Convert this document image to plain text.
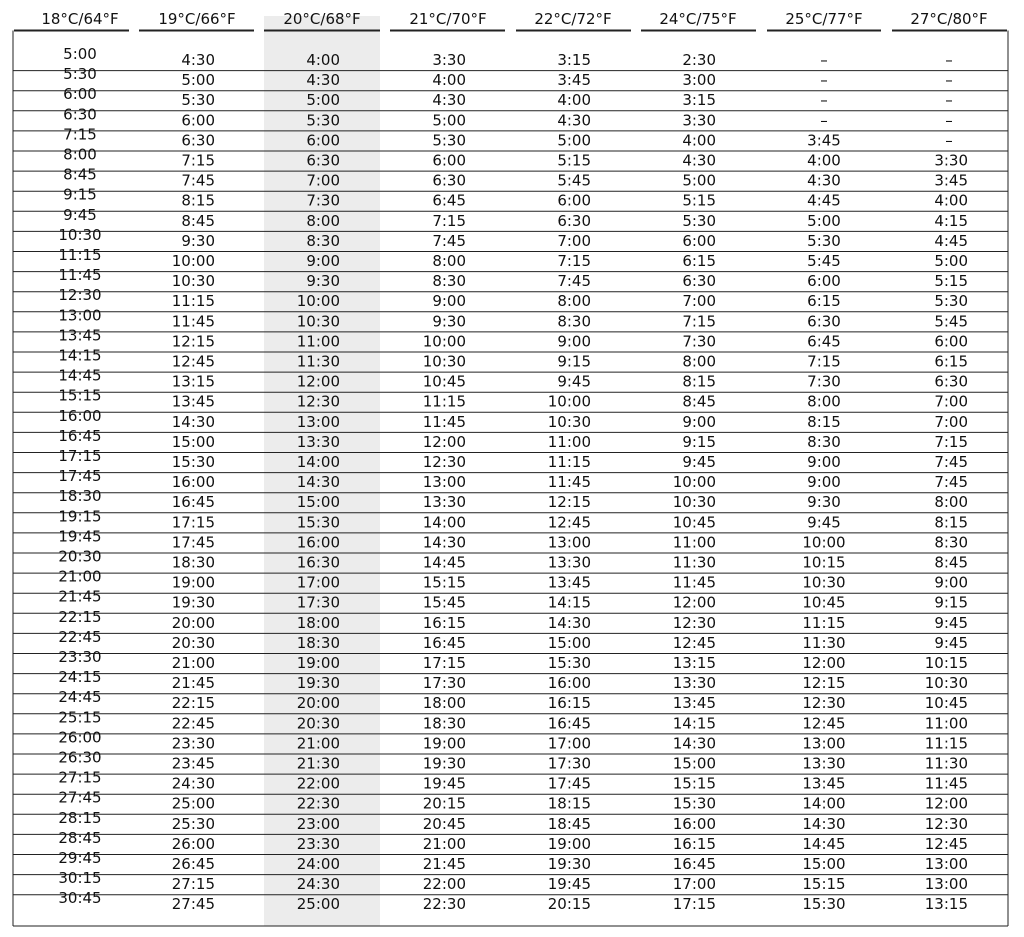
18°C/64°F	19°C/66°F	20°C/68°F	21°C/70°F	22°C/72°F	24°C/75°F	25°C/77°F	27°C/80°F
5:00	4:30	4:00	3:30	3:15	2:30	–	–
5:30	5:00	4:30	4:00	3:45	3:00	–	–
6:00	5:30	5:00	4:30	4:00	3:15	–	–
6:30	6:00	5:30	5:00	4:30	3:30	–	–
7:15	6:30	6:00	5:30	5:00	4:00	3:45	–
8:00	7:15	6:30	6:00	5:15	4:30	4:00	3:30
8:45	7:45	7:00	6:30	5:45	5:00	4:30	3:45
9:15	8:15	7:30	6:45	6:00	5:15	4:45	4:00
9:45	8:45	8:00	7:15	6:30	5:30	5:00	4:15
10:30	9:30	8:30	7:45	7:00	6:00	5:30	4:45
11:15	10:00	9:00	8:00	7:15	6:15	5:45	5:00
11:45	10:30	9:30	8:30	7:45	6:30	6:00	5:15
12:30	11:15	10:00	9:00	8:00	7:00	6:15	5:30
13:00	11:45	10:30	9:30	8:30	7:15	6:30	5:45
13:45	12:15	11:00	10:00	9:00	7:30	6:45	6:00
14:15	12:45	11:30	10:30	9:15	8:00	7:15	6:15
14:45	13:15	12:00	10:45	9:45	8:15	7:30	6:30
15:15	13:45	12:30	11:15	10:00	8:45	8:00	7:00
16:00	14:30	13:00	11:45	10:30	9:00	8:15	7:00
16:45	15:00	13:30	12:00	11:00	9:15	8:30	7:15
17:15	15:30	14:00	12:30	11:15	9:45	9:00	7:45
17:45	16:00	14:30	13:00	11:45	10:00	9:00	7:45
18:30	16:45	15:00	13:30	12:15	10:30	9:30	8:00
19:15	17:15	15:30	14:00	12:45	10:45	9:45	8:15
19:45	17:45	16:00	14:30	13:00	11:00	10:00	8:30
20:30	18:30	16:30	14:45	13:30	11:30	10:15	8:45
21:00	19:00	17:00	15:15	13:45	11:45	10:30	9:00
21:45	19:30	17:30	15:45	14:15	12:00	10:45	9:15
22:15	20:00	18:00	16:15	14:30	12:30	11:15	9:45
22:45	20:30	18:30	16:45	15:00	12:45	11:30	9:45
23:30	21:00	19:00	17:15	15:30	13:15	12:00	10:15
24:15	21:45	19:30	17:30	16:00	13:30	12:15	10:30
24:45	22:15	20:00	18:00	16:15	13:45	12:30	10:45
25:15	22:45	20:30	18:30	16:45	14:15	12:45	11:00
26:00	23:30	21:00	19:00	17:00	14:30	13:00	11:15
26:30	23:45	21:30	19:30	17:30	15:00	13:30	11:30
27:15	24:30	22:00	19:45	17:45	15:15	13:45	11:45
27:45	25:00	22:30	20:15	18:15	15:30	14:00	12:00
28:15	25:30	23:00	20:45	18:45	16:00	14:30	12:30
28:45	26:00	23:30	21:00	19:00	16:15	14:45	12:45
29:45	26:45	24:00	21:45	19:30	16:45	15:00	13:00
30:15	27:15	24:30	22:00	19:45	17:00	15:15	13:00
30:45	27:45	25:00	22:30	20:15	17:15	15:30	13:15
